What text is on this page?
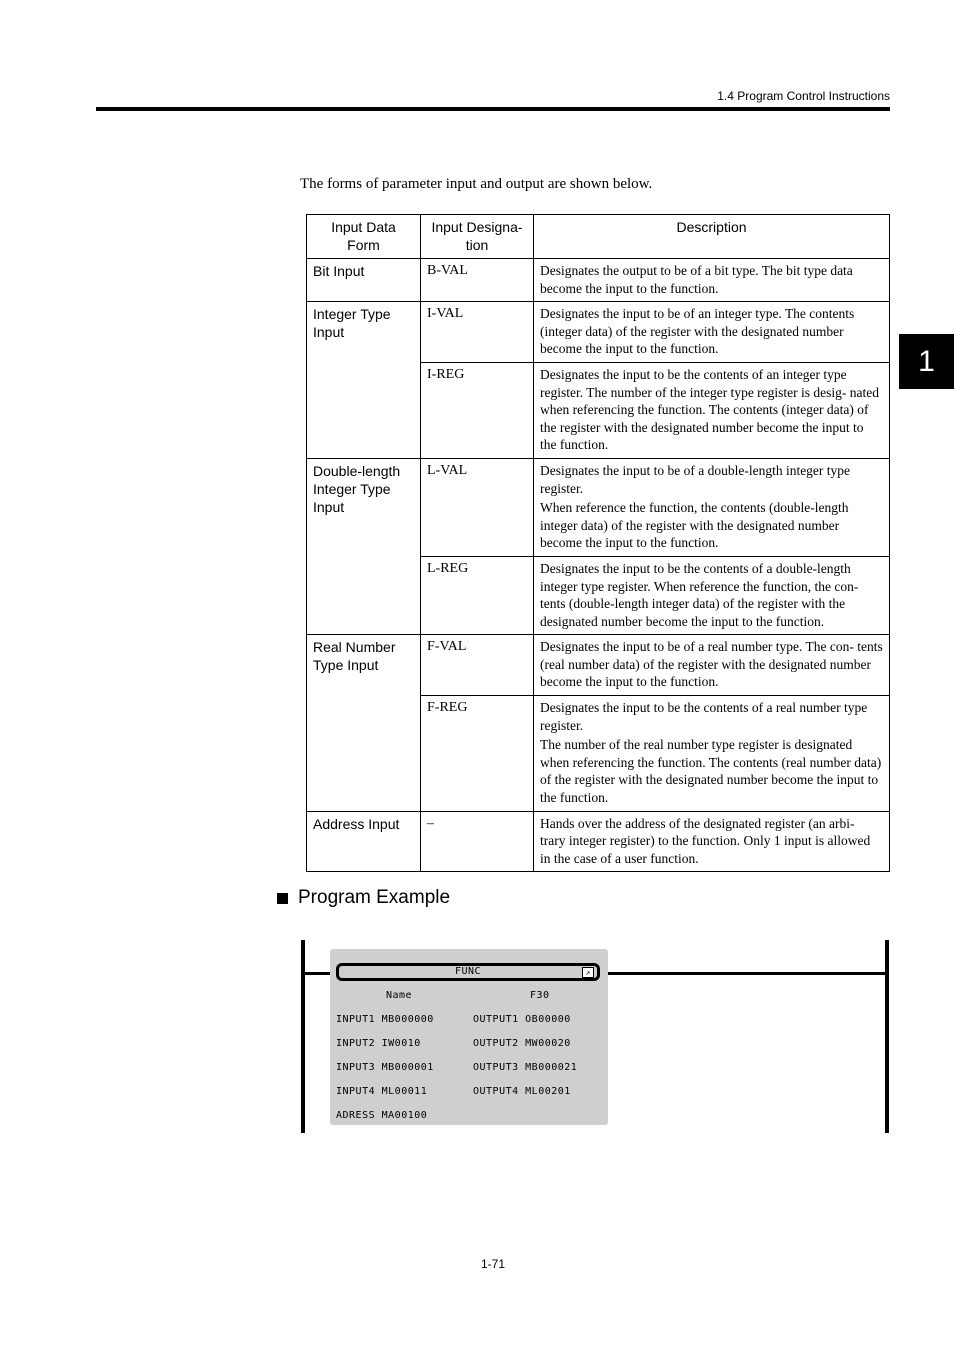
1.4 Program Control Instructions
1
The forms of parameter input and output are shown below.
Input Data Form	Input Designa- tion	Description
Bit Input	B-VAL	Designates the output to be of a bit type. The bit type data become the input to the function.

Integer Type Input	I-VAL	Designates the input to be of an integer type. The contents (integer data) of the register with the designated number become the input to the function.

	I-REG	Designates the input to be the contents of an integer type register. The number of the integer type register is desig- nated when referencing the function. The contents (integer data) of the register with the designated number become the input to the function.

Double-length Integer Type Input	L-VAL	Designates the input to be of a double-length integer type register.

When reference the function, the contents (double-length integer data) of the register with the designated number become the input to the function.

	L-REG	Designates the input to be the contents of a double-length integer type register. When reference the function, the con- tents (double-length integer data) of the register with the designated number become the input to the function.

Real Number Type Input	F-VAL	Designates the input to be of a real number type. The con- tents (real number data) of the register with the designated number become the input to the function.

	F-REG	Designates the input to be the contents of a real number type register.

The number of the real number type register is designated when referencing the function. The contents (real number data) of the register with the designated number become the input to the function.

Address Input	–	Hands over the address of the designated register (an arbi- trary integer register) to the function. Only 1 input is allowed in the case of a user function.

Program Example
FUNC	↗
Name	F30
INPUT1 MB000000	OUTPUT1 OB00000
INPUT2 IW0010	OUTPUT2 MW00020
INPUT3 MB000001	OUTPUT3 MB000021
INPUT4 ML00011	OUTPUT4 ML00201
ADRESS MA00100
1-71
